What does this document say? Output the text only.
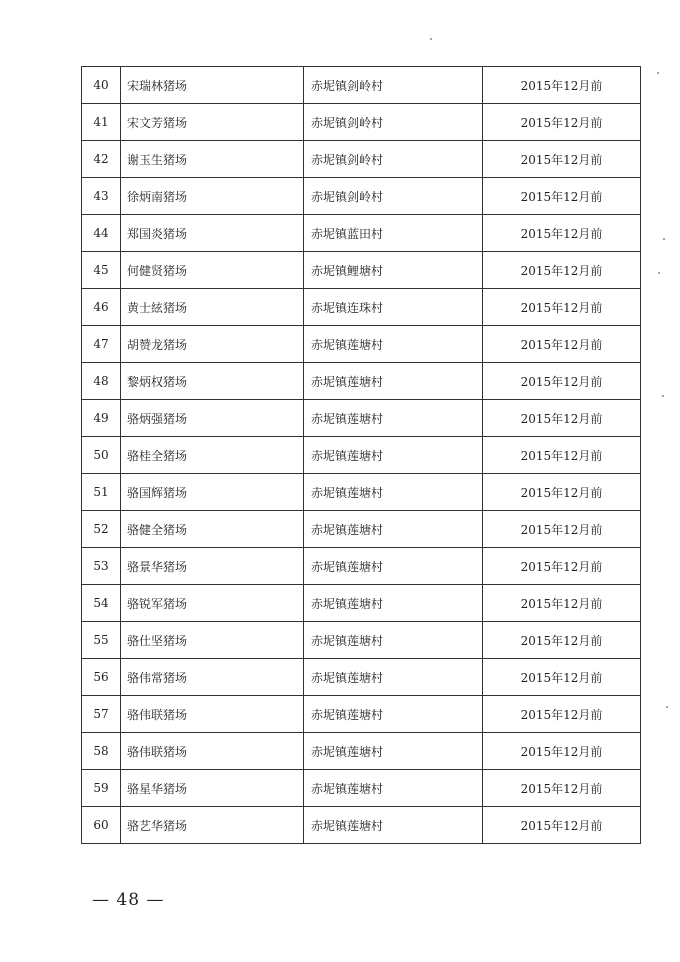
40	宋瑞林猪场	赤坭镇剑岭村	2015年12月前
41	宋文芳猪场	赤坭镇剑岭村	2015年12月前
42	谢玉生猪场	赤坭镇剑岭村	2015年12月前
43	徐炳南猪场	赤坭镇剑岭村	2015年12月前
44	郑国炎猪场	赤坭镇蓝田村	2015年12月前
45	何健贤猪场	赤坭镇鲤塘村	2015年12月前
46	黄士絃猪场	赤坭镇连珠村	2015年12月前
47	胡赞龙猪场	赤坭镇莲塘村	2015年12月前
48	黎炳权猪场	赤坭镇莲塘村	2015年12月前
49	骆炳强猪场	赤坭镇莲塘村	2015年12月前
50	骆桂全猪场	赤坭镇莲塘村	2015年12月前
51	骆国辉猪场	赤坭镇莲塘村	2015年12月前
52	骆健全猪场	赤坭镇莲塘村	2015年12月前
53	骆景华猪场	赤坭镇莲塘村	2015年12月前
54	骆锐军猪场	赤坭镇莲塘村	2015年12月前
55	骆仕坚猪场	赤坭镇莲塘村	2015年12月前
56	骆伟常猪场	赤坭镇莲塘村	2015年12月前
57	骆伟联猪场	赤坭镇莲塘村	2015年12月前
58	骆伟联猪场	赤坭镇莲塘村	2015年12月前
59	骆星华猪场	赤坭镇莲塘村	2015年12月前
60	骆艺华猪场	赤坭镇莲塘村	2015年12月前
— 48 —
